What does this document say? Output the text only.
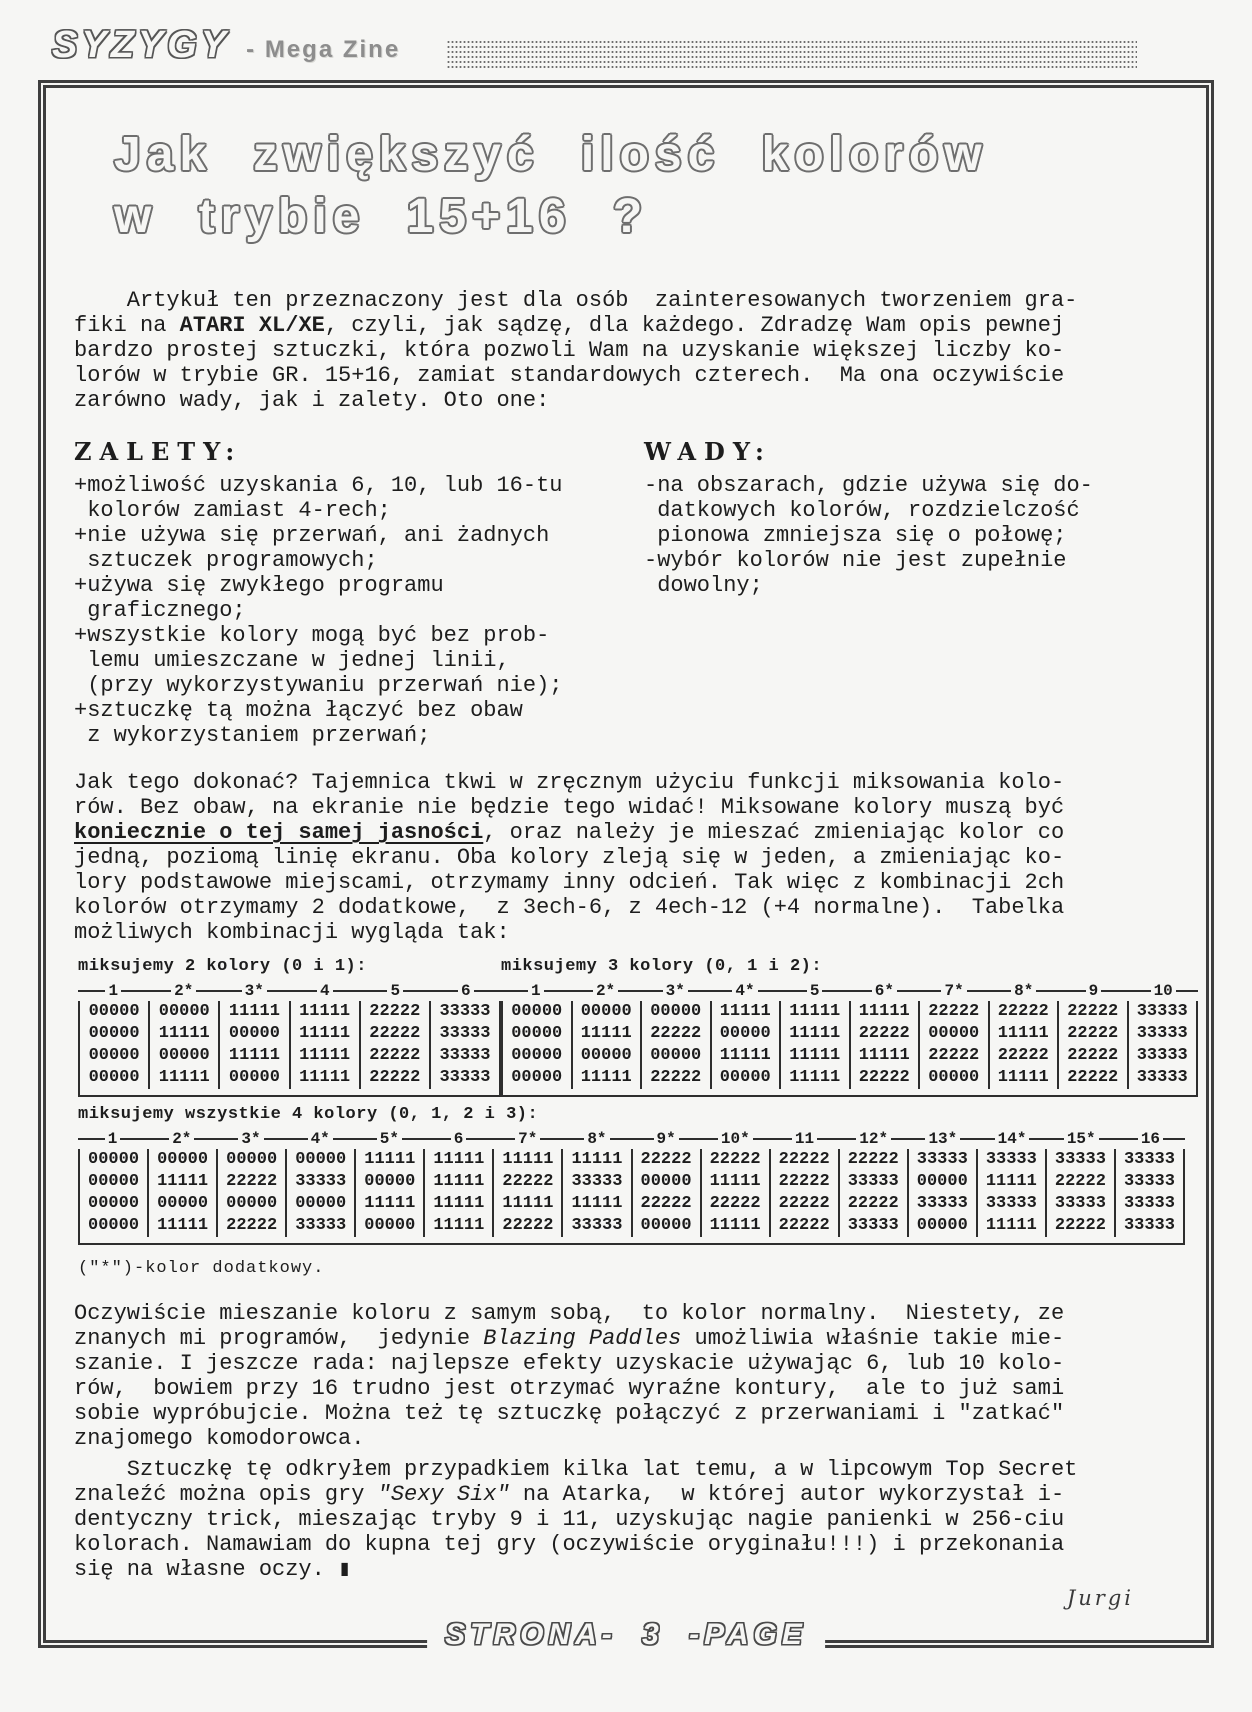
SYZYGY - Mega Zine
Jak zwiększyć ilość kolorów
w trybie 15+16 ?
Artykuł ten przeznaczony jest dla osób  zainteresowanych tworzeniem gra-
fiki na ATARI XL/XE, czyli, jak sądzę, dla każdego. Zdradzę Wam opis pewnej
bardzo prostej sztuczki, która pozwoli Wam na uzyskanie większej liczby ko-
lorów w trybie GR. 15+16, zamiat standardowych czterech.  Ma ona oczywiście
zarówno wady, jak i zalety. Oto one:
ZALETY:
+możliwość uzyskania 6, 10, lub 16-tu
kolorów zamiast 4-rech;
+nie używa się przerwań, ani żadnych
sztuczek programowych;
+używa się zwykłego programu
graficznego;
+wszystkie kolory mogą być bez prob-
lemu umieszczane w jednej linii,
(przy wykorzystywaniu przerwań nie);
+sztuczkę tą można łączyć bez obaw
z wykorzystaniem przerwań;
WADY:
-na obszarach, gdzie używa się do-
datkowych kolorów, rozdzielczość
pionowa zmniejsza się o połowę;
-wybór kolorów nie jest zupełnie
dowolny;
Jak tego dokonać? Tajemnica tkwi w zręcznym użyciu funkcji miksowania kolo-
rów. Bez obaw, na ekranie nie będzie tego widać! Miksowane kolory muszą być
koniecznie o tej samej jasności, oraz należy je mieszać zmieniając kolor co
jedną, poziomą linię ekranu. Oba kolory zleją się w jeden, a zmieniając ko-
lory podstawowe miejscami, otrzymamy inny odcień. Tak więc z kombinacji 2ch
kolorów otrzymamy 2 dodatkowe,  z 3ech-6, z 4ech-12 (+4 normalne).  Tabelka
możliwych kombinacji wygląda tak:
miksujemy 2 kolory (0 i 1):
1	2*	3*	4	5	6
00000	00000	11111	11111	22222	33333
00000	11111	00000	11111	22222	33333
00000	00000	11111	11111	22222	33333
00000	11111	00000	11111	22222	33333
miksujemy 3 kolory (0, 1 i 2):
1	2*	3*	4*	5	6*	7*	8*	9	10
00000	00000	00000	11111	11111	11111	22222	22222	22222	33333
00000	11111	22222	00000	11111	22222	00000	11111	22222	33333
00000	00000	00000	11111	11111	11111	22222	22222	22222	33333
00000	11111	22222	00000	11111	22222	00000	11111	22222	33333
miksujemy wszystkie 4 kolory (0, 1, 2 i 3):
1	2*	3*	4*	5*	6	7*	8*	9*	10*	11	12*	13*	14*	15*	16
00000	00000	00000	00000	11111	11111	11111	11111	22222	22222	22222	22222	33333	33333	33333	33333
00000	11111	22222	33333	00000	11111	22222	33333	00000	11111	22222	33333	00000	11111	22222	33333
00000	00000	00000	00000	11111	11111	11111	11111	22222	22222	22222	22222	33333	33333	33333	33333
00000	11111	22222	33333	00000	11111	22222	33333	00000	11111	22222	33333	00000	11111	22222	33333
("*")-kolor dodatkowy.
Oczywiście mieszanie koloru z samym sobą,  to kolor normalny.  Niestety, ze
znanych mi programów,  jedynie Blazing Paddles umożliwia właśnie takie mie-
szanie. I jeszcze rada: najlepsze efekty uzyskacie używając 6, lub 10 kolo-
rów,  bowiem przy 16 trudno jest otrzymać wyraźne kontury,  ale to już sami
sobie wypróbujcie. Można też tę sztuczkę połączyć z przerwaniami i "zatkać"
znajomego komodorowca.
Sztuczkę tę odkryłem przypadkiem kilka lat temu, a w lipcowym Top Secret
znaleźć można opis gry "Sexy Six" na Atarka,  w której autor wykorzystał i-
dentyczny trick, mieszając tryby 9 i 11, uzyskując nagie panienki w 256-ciu
kolorach. Namawiam do kupna tej gry (oczywiście oryginału!!!) i przekonania
się na własne oczy. ▮
Jurgi
STRONA- 3 -PAGE
